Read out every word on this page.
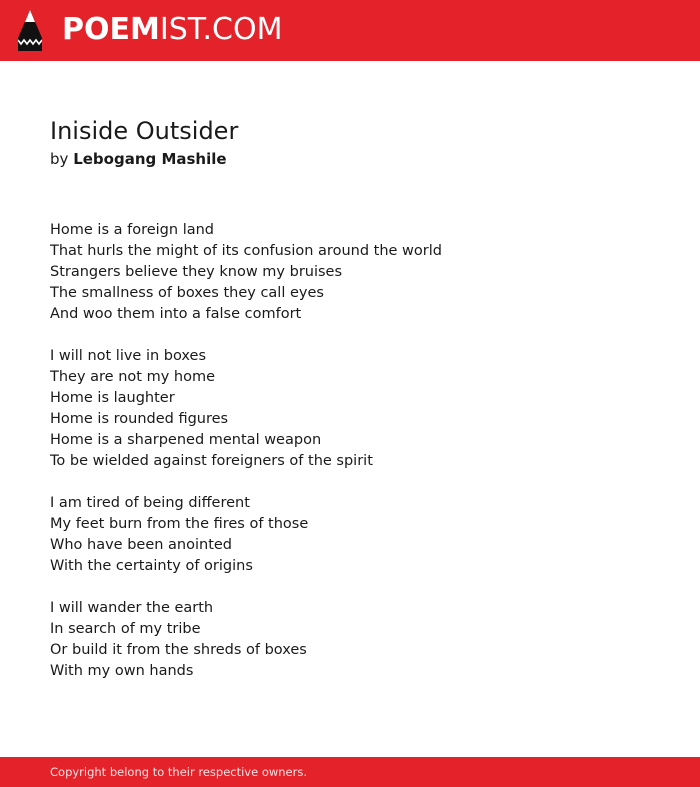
POEMIST.COM
Iniside Outsider
by Lebogang Mashile
Home is a foreign land
That hurls the might of its confusion around the world
Strangers believe they know my bruises
The smallness of boxes they call eyes
And woo them into a false comfort
I will not live in boxes
They are not my home
Home is laughter
Home is rounded figures
Home is a sharpened mental weapon
To be wielded against foreigners of the spirit
I am tired of being different
My feet burn from the fires of those
Who have been anointed
With the certainty of origins
I will wander the earth
In search of my tribe
Or build it from the shreds of boxes
With my own hands
Copyright belong to their respective owners.
